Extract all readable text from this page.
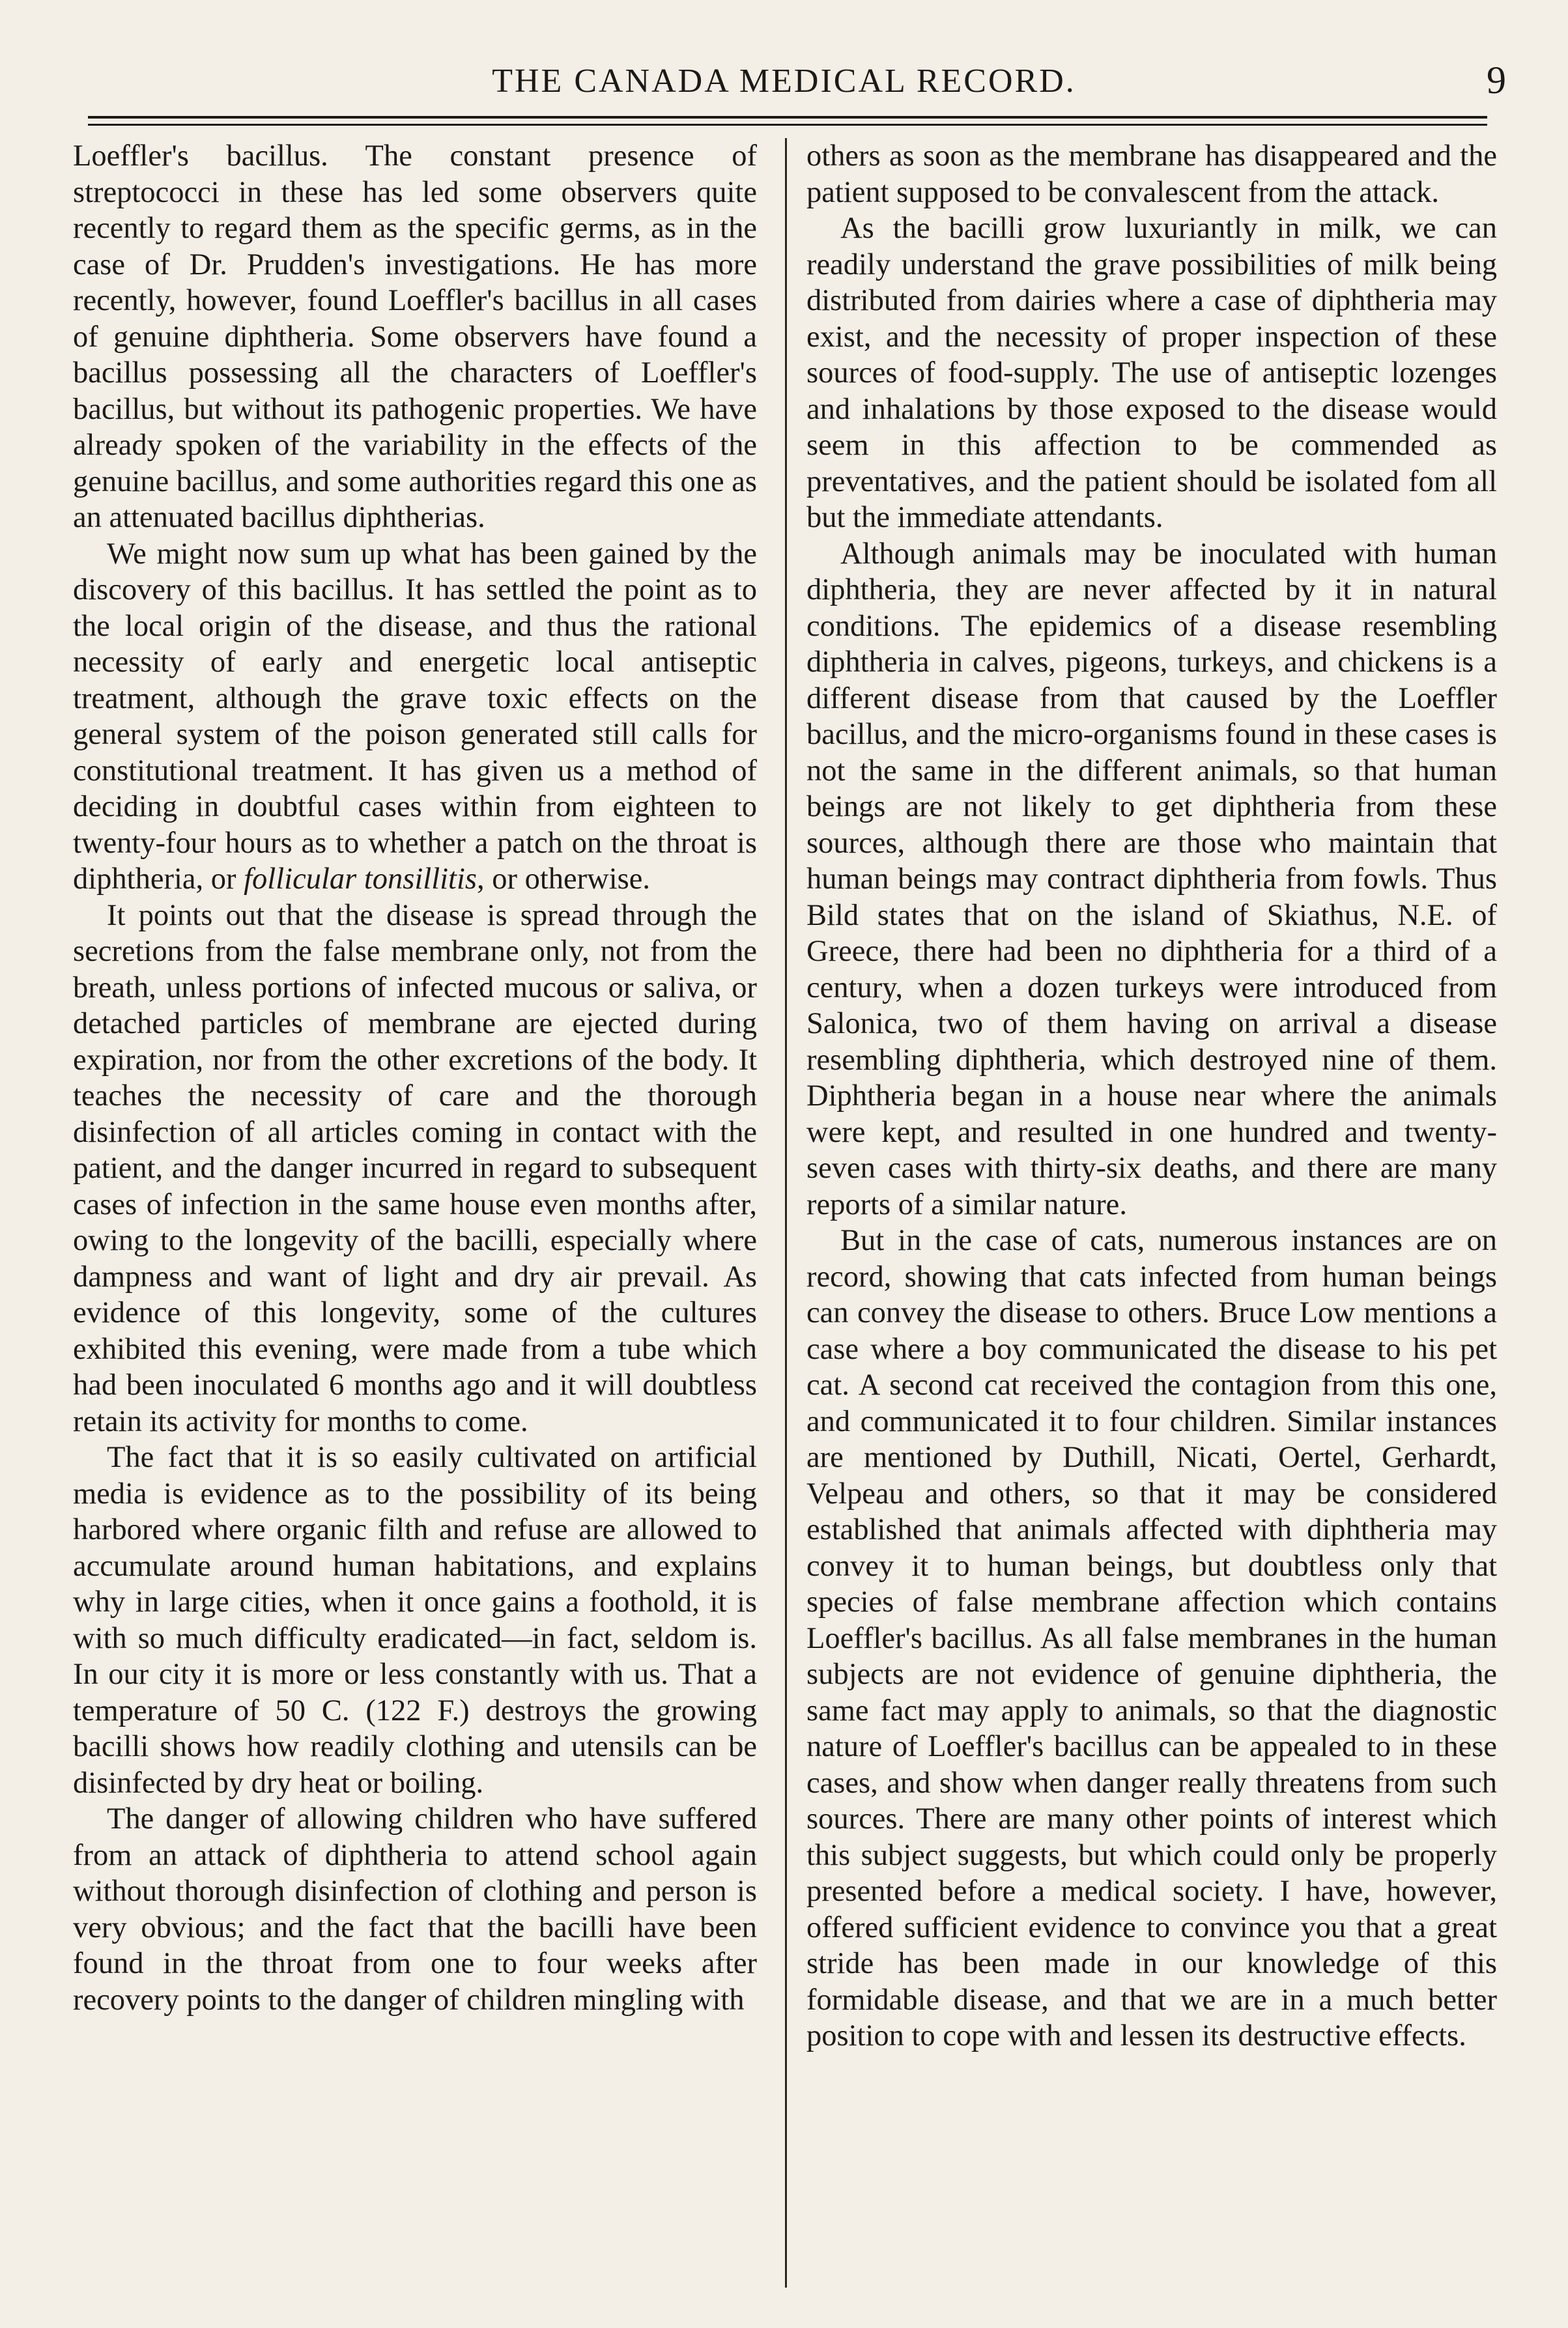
THE CANADA MEDICAL RECORD.	9

Loeffler's bacillus. The constant presence of streptococci in these has led some observers quite recently to regard them as the specific germs, as in the case of Dr. Prudden's investigations. He has more recently, however, found Loeffler's bacillus in all cases of genuine diphtheria. Some observers have found a bacillus possessing all the characters of Loeffler's bacillus, but without its pathogenic properties. We have already spoken of the variability in the effects of the genuine bacillus, and some authorities regard this one as an attenuated bacillus diphtherias.

We might now sum up what has been gained by the discovery of this bacillus. It has settled the point as to the local origin of the disease, and thus the rational necessity of early and energetic local antiseptic treatment, although the grave toxic effects on the general system of the poison generated still calls for constitutional treatment. It has given us a method of deciding in doubtful cases within from eighteen to twenty-four hours as to whether a patch on the throat is diphtheria, or follicular tonsillitis, or otherwise.

It points out that the disease is spread through the secretions from the false membrane only, not from the breath, unless portions of infected mucous or saliva, or detached particles of membrane are ejected during expiration, nor from the other excretions of the body. It teaches the necessity of care and the thorough disinfection of all articles coming in contact with the patient, and the danger incurred in regard to subsequent cases of infection in the same house even months after, owing to the longevity of the bacilli, especially where dampness and want of light and dry air prevail. As evidence of this longevity, some of the cultures exhibited this evening, were made from a tube which had been inoculated 6 months ago and it will doubtless retain its activity for months to come.

The fact that it is so easily cultivated on artificial media is evidence as to the possibility of its being harbored where organic filth and refuse are allowed to accumulate around human habitations, and explains why in large cities, when it once gains a foothold, it is with so much difficulty eradicated—in fact, seldom is. In our city it is more or less constantly with us. That a temperature of 50 C. (122 F.) destroys the growing bacilli shows how readily clothing and utensils can be disinfected by dry heat or boiling.

The danger of allowing children who have suffered from an attack of diphtheria to attend school again without thorough disinfection of clothing and person is very obvious; and the fact that the bacilli have been found in the throat from one to four weeks after recovery points to the danger of children mingling with

others as soon as the membrane has disappeared and the patient supposed to be convalescent from the attack.

As the bacilli grow luxuriantly in milk, we can readily understand the grave possibilities of milk being distributed from dairies where a case of diphtheria may exist, and the necessity of proper inspection of these sources of food-supply. The use of antiseptic lozenges and inhalations by those exposed to the disease would seem in this affection to be commended as preventatives, and the patient should be isolated fom all but the immediate attendants.

Although animals may be inoculated with human diphtheria, they are never affected by it in natural conditions. The epidemics of a disease resembling diphtheria in calves, pigeons, turkeys, and chickens is a different disease from that caused by the Loeffler bacillus, and the micro-organisms found in these cases is not the same in the different animals, so that human beings are not likely to get diphtheria from these sources, although there are those who maintain that human beings may contract diphtheria from fowls. Thus Bild states that on the island of Skiathus, N.E. of Greece, there had been no diphtheria for a third of a century, when a dozen turkeys were introduced from Salonica, two of them having on arrival a disease resembling diphtheria, which destroyed nine of them. Diphtheria began in a house near where the animals were kept, and resulted in one hundred and twenty-seven cases with thirty-six deaths, and there are many reports of a similar nature.

But in the case of cats, numerous instances are on record, showing that cats infected from human beings can convey the disease to others. Bruce Low mentions a case where a boy communicated the disease to his pet cat. A second cat received the contagion from this one, and communicated it to four children. Similar instances are mentioned by Duthill, Nicati, Oertel, Gerhardt, Velpeau and others, so that it may be considered established that animals affected with diphtheria may convey it to human beings, but doubtless only that species of false membrane affection which contains Loeffler's bacillus. As all false membranes in the human subjects are not evidence of genuine diphtheria, the same fact may apply to animals, so that the diagnostic nature of Loeffler's bacillus can be appealed to in these cases, and show when danger really threatens from such sources. There are many other points of interest which this subject suggests, but which could only be properly presented before a medical society. I have, however, offered sufficient evidence to convince you that a great stride has been made in our knowledge of this formidable disease, and that we are in a much better position to cope with and lessen its destructive effects.
